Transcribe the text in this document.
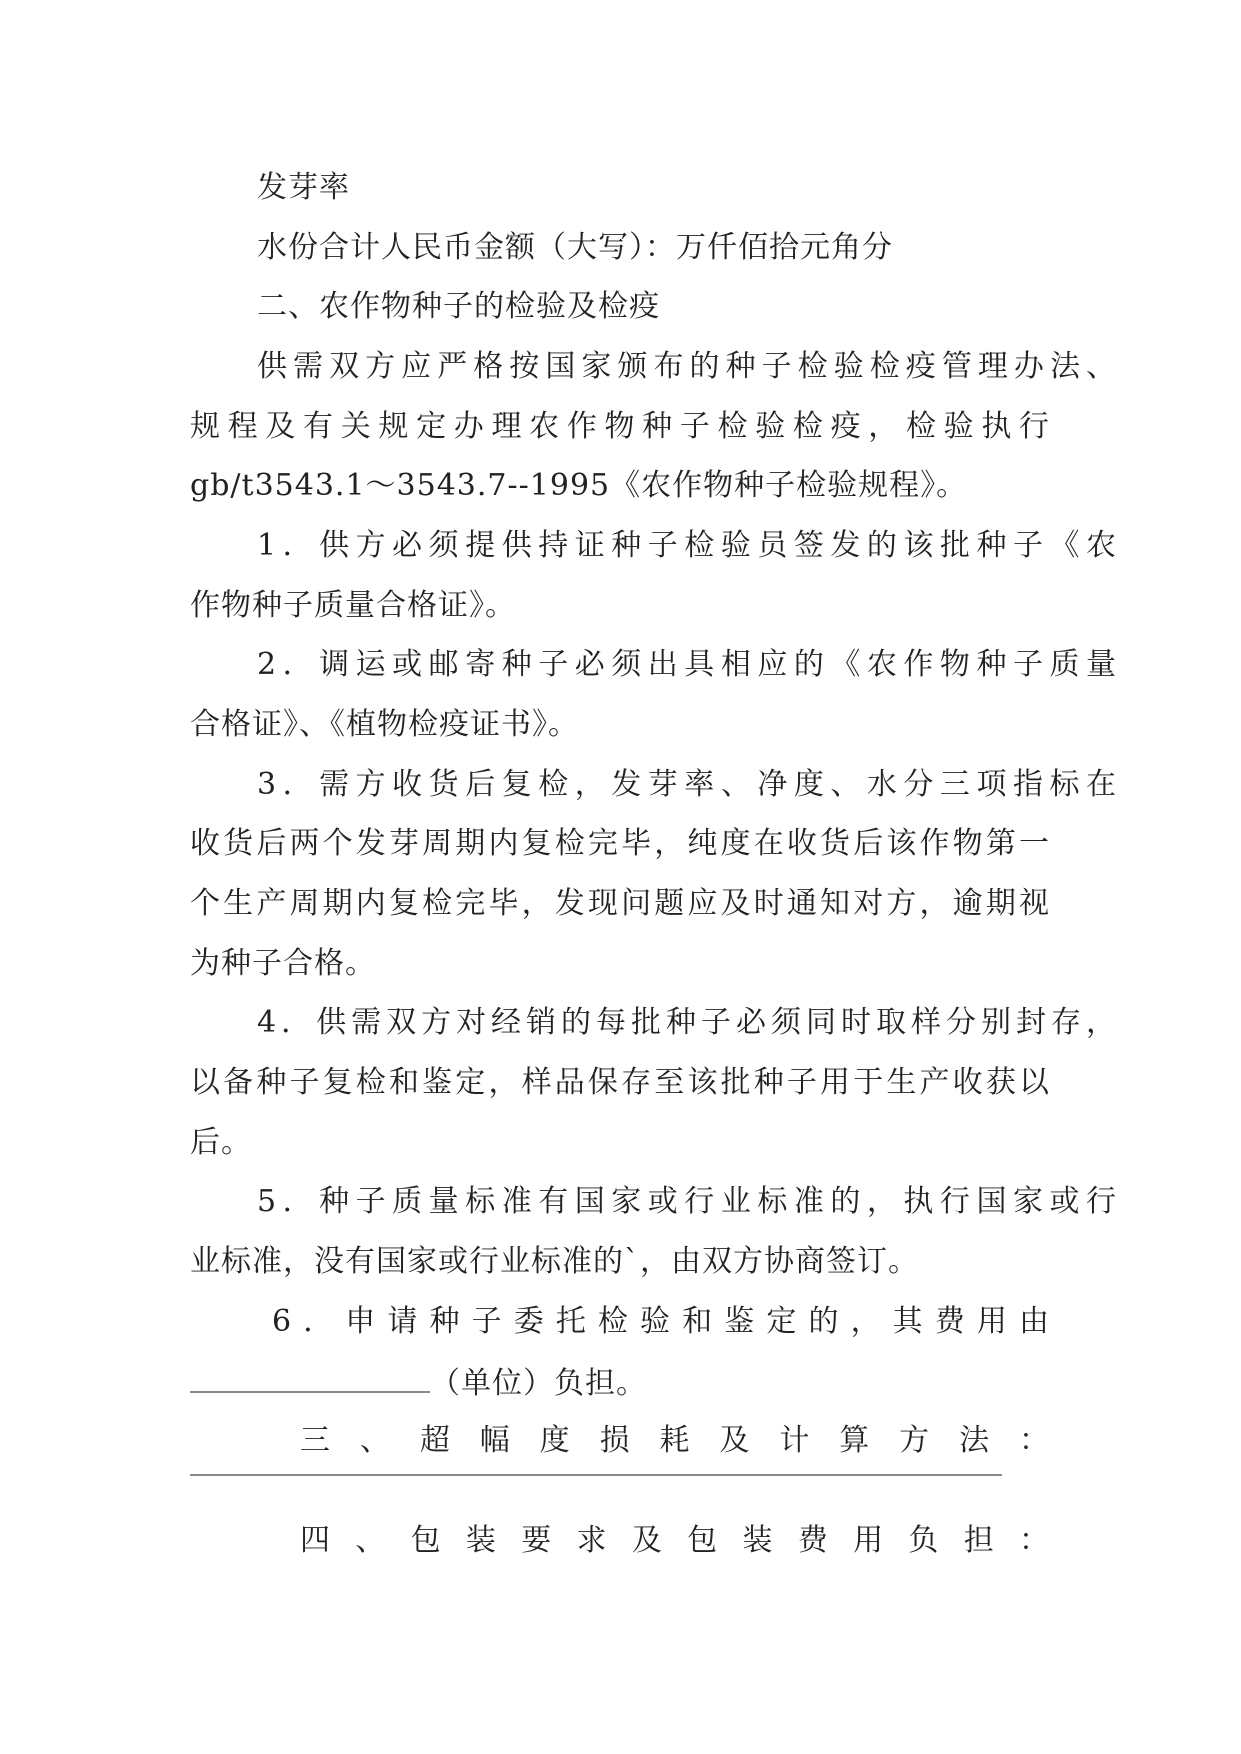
发芽率
水份合计人民币金额（大写）：万仟佰拾元角分
二、农作物种子的检验及检疫
供需双方应严格按国家颁布的种子检验检疫管理办法、
规程及有关规定办理农作物种子检验检疫，检验执行
gb/t3543.1～3543.7--1995《农作物种子检验规程》。
1．供方必须提供持证种子检验员签发的该批种子《农
作物种子质量合格证》。
2．调运或邮寄种子必须出具相应的《农作物种子质量
合格证》、《植物检疫证书》。
3．需方收货后复检，发芽率、净度、水分三项指标在
收货后两个发芽周期内复检完毕，纯度在收货后该作物第一
个生产周期内复检完毕，发现问题应及时通知对方，逾期视
为种子合格。
4．供需双方对经销的每批种子必须同时取样分别封存，
以备种子复检和鉴定，样品保存至该批种子用于生产收获以
后。
5．种子质量标准有国家或行业标准的，执行国家或行
业标准，没有国家或行业标准的`，由双方协商签订。
6．申请种子委托检验和鉴定的，其费用由
（单位）负担。
三、超幅度损耗及计算方法：
四、包装要求及包装费用负担：
